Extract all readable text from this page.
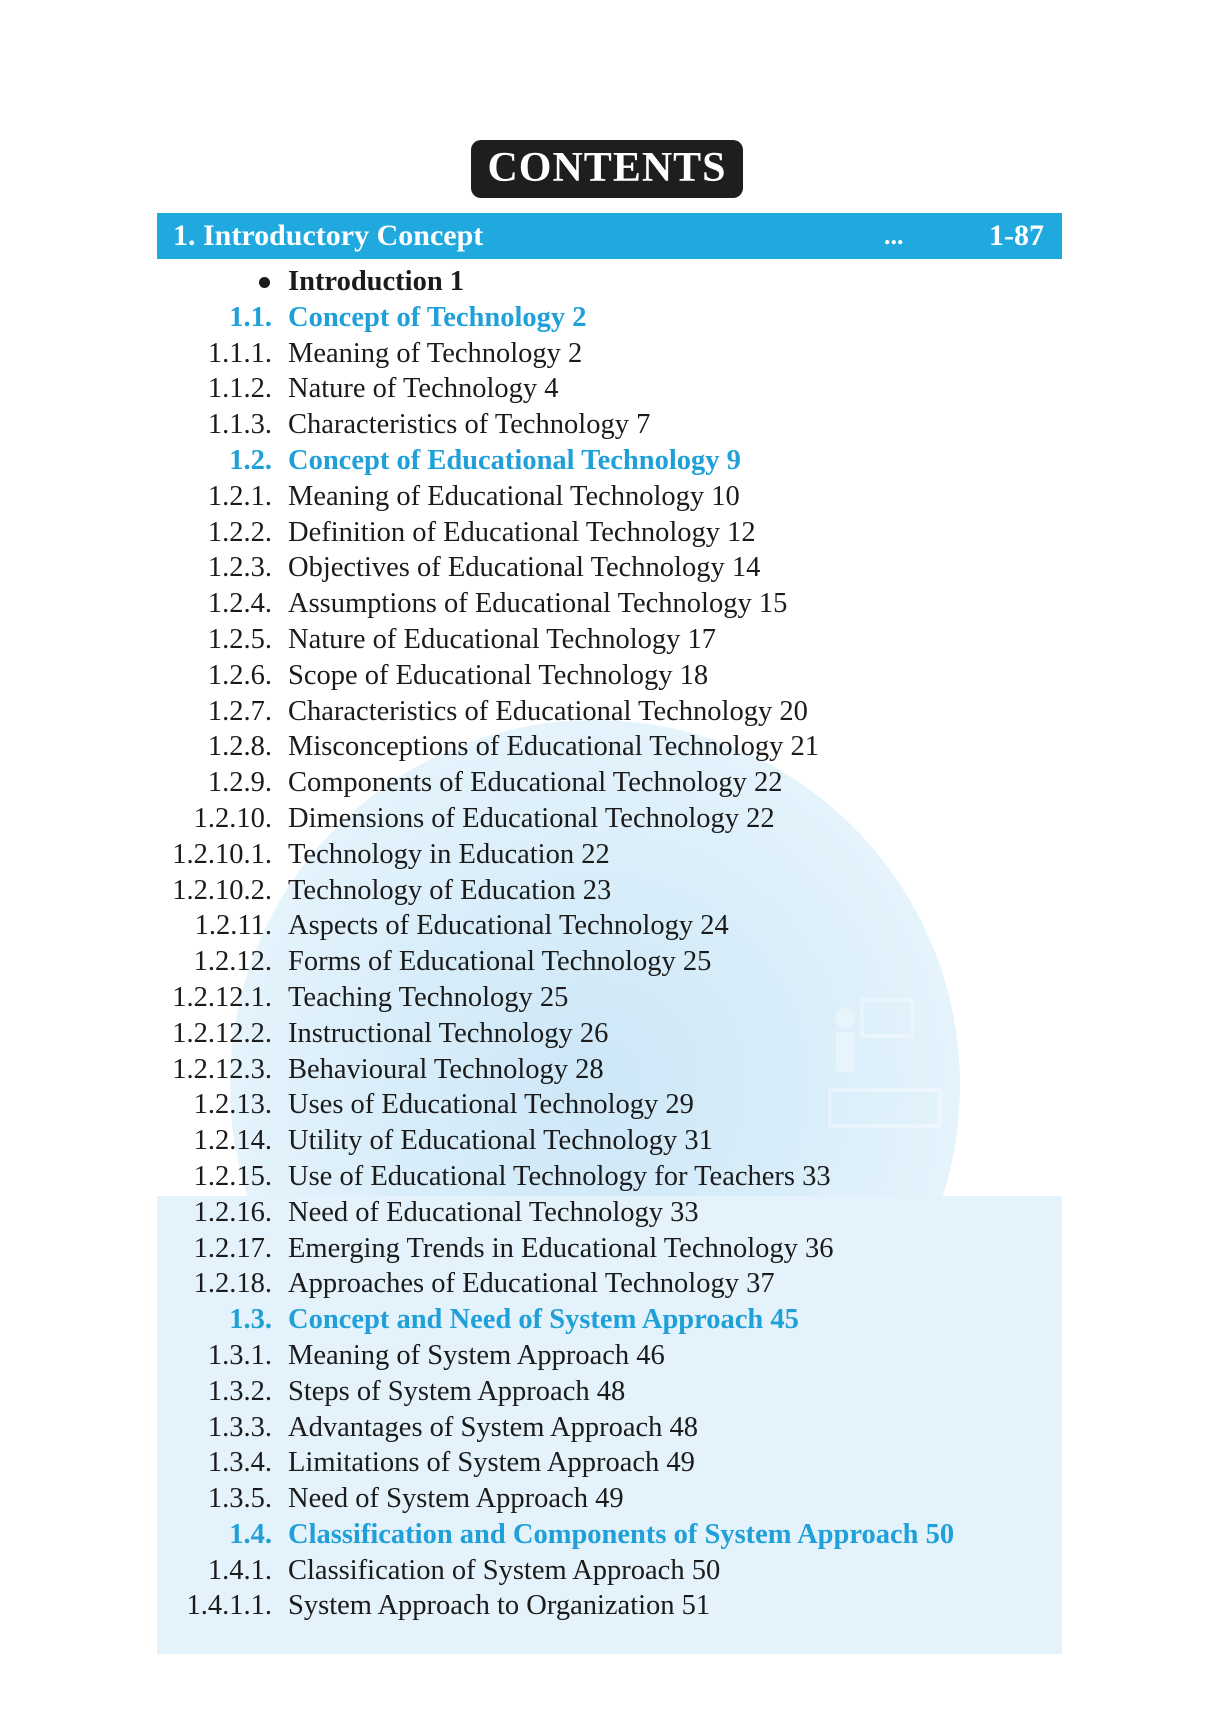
CONTENTS
1. Introductory Concept	...	1-87
Introduction 1
1.1. Concept of Technology 2
1.1.1. Meaning of Technology 2
1.1.2. Nature of Technology 4
1.1.3. Characteristics of Technology 7
1.2. Concept of Educational Technology 9
1.2.1. Meaning of Educational Technology 10
1.2.2. Definition of Educational Technology 12
1.2.3. Objectives of Educational Technology 14
1.2.4. Assumptions of Educational Technology 15
1.2.5. Nature of Educational Technology 17
1.2.6. Scope of Educational Technology 18
1.2.7. Characteristics of Educational Technology 20
1.2.8. Misconceptions of Educational Technology 21
1.2.9. Components of Educational Technology 22
1.2.10. Dimensions of Educational Technology 22
1.2.10.1. Technology in Education 22
1.2.10.2. Technology of Education 23
1.2.11. Aspects of Educational Technology 24
1.2.12. Forms of Educational Technology 25
1.2.12.1. Teaching Technology 25
1.2.12.2. Instructional Technology 26
1.2.12.3. Behavioural Technology 28
1.2.13. Uses of Educational Technology 29
1.2.14. Utility of Educational Technology 31
1.2.15. Use of Educational Technology for Teachers 33
1.2.16. Need of Educational Technology 33
1.2.17. Emerging Trends in Educational Technology 36
1.2.18. Approaches of Educational Technology 37
1.3. Concept and Need of System Approach 45
1.3.1. Meaning of System Approach 46
1.3.2. Steps of System Approach 48
1.3.3. Advantages of System Approach 48
1.3.4. Limitations of System Approach 49
1.3.5. Need of System Approach 49
1.4. Classification and Components of System Approach 50
1.4.1. Classification of System Approach 50
1.4.1.1. System Approach to Organization 51
